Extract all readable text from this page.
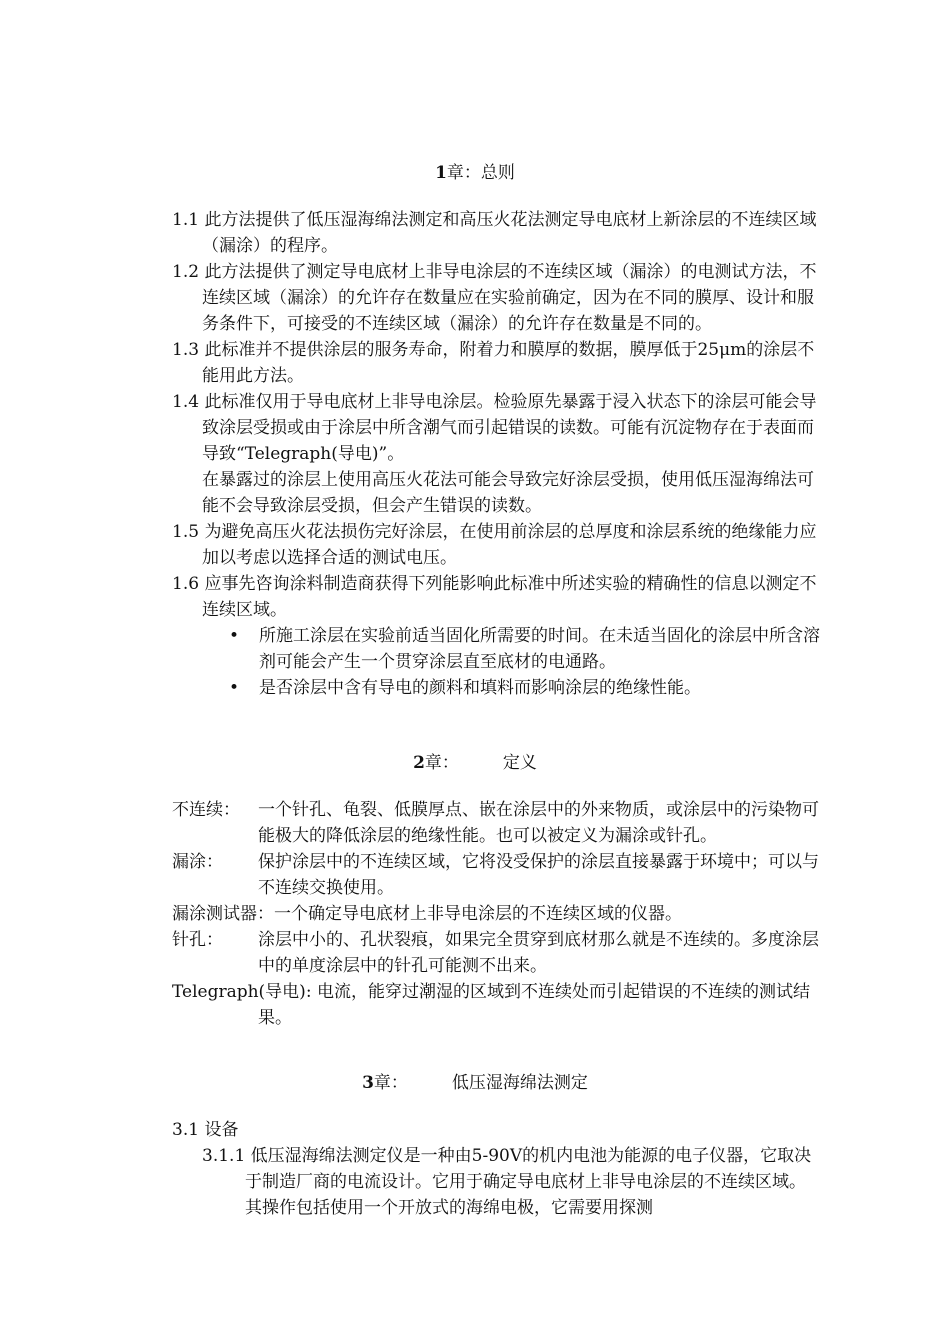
1章：总则

1.1 此方法提供了低压湿海绵法测定和高压火花法测定导电底材上新涂层的不连续区域（漏涂）的程序。

1.2 此方法提供了测定导电底材上非导电涂层的不连续区域（漏涂）的电测试方法，不连续区域（漏涂）的允许存在数量应在实验前确定，因为在不同的膜厚、设计和服务条件下，可接受的不连续区域（漏涂）的允许存在数量是不同的。

1.3 此标准并不提供涂层的服务寿命，附着力和膜厚的数据，膜厚低于25μm的涂层不能用此方法。

1.4 此标准仅用于导电底材上非导电涂层。检验原先暴露于浸入状态下的涂层可能会导致涂层受损或由于涂层中所含潮气而引起错误的读数。可能有沉淀物存在于表面而导致“Telegraph(导电)”。

在暴露过的涂层上使用高压火花法可能会导致完好涂层受损，使用低压湿海绵法可能不会导致涂层受损，但会产生错误的读数。

1.5 为避免高压火花法损伤完好涂层，在使用前涂层的总厚度和涂层系统的绝缘能力应加以考虑以选择合适的测试电压。

1.6 应事先咨询涂料制造商获得下列能影响此标准中所述实验的精确性的信息以测定不连续区域。

• 所施工涂层在实验前适当固化所需要的时间。在未适当固化的涂层中所含溶剂可能会产生一个贯穿涂层直至底材的电通路。

• 是否涂层中含有导电的颜料和填料而影响涂层的绝缘性能。

2章：	定义

不连续： 一个针孔、龟裂、低膜厚点、嵌在涂层中的外来物质，或涂层中的污染物可能极大的降低涂层的绝缘性能。也可以被定义为漏涂或针孔。

漏涂： 保护涂层中的不连续区域，它将没受保护的涂层直接暴露于环境中；可以与不连续交换使用。

漏涂测试器：一个确定导电底材上非导电涂层的不连续区域的仪器。

针孔： 涂层中小的、孔状裂痕，如果完全贯穿到底材那么就是不连续的。多度涂层中的单度涂层中的针孔可能测不出来。

Telegraph(导电): 电流，能穿过潮湿的区域到不连续处而引起错误的不连续的测试结果。

3章：	低压湿海绵法测定

3.1 设备

3.1.1 低压湿海绵法测定仪是一种由5-90V的机内电池为能源的电子仪器，它取决于制造厂商的电流设计。它用于确定导电底材上非导电涂层的不连续区域。其操作包括使用一个开放式的海绵电极，它需要用探测
